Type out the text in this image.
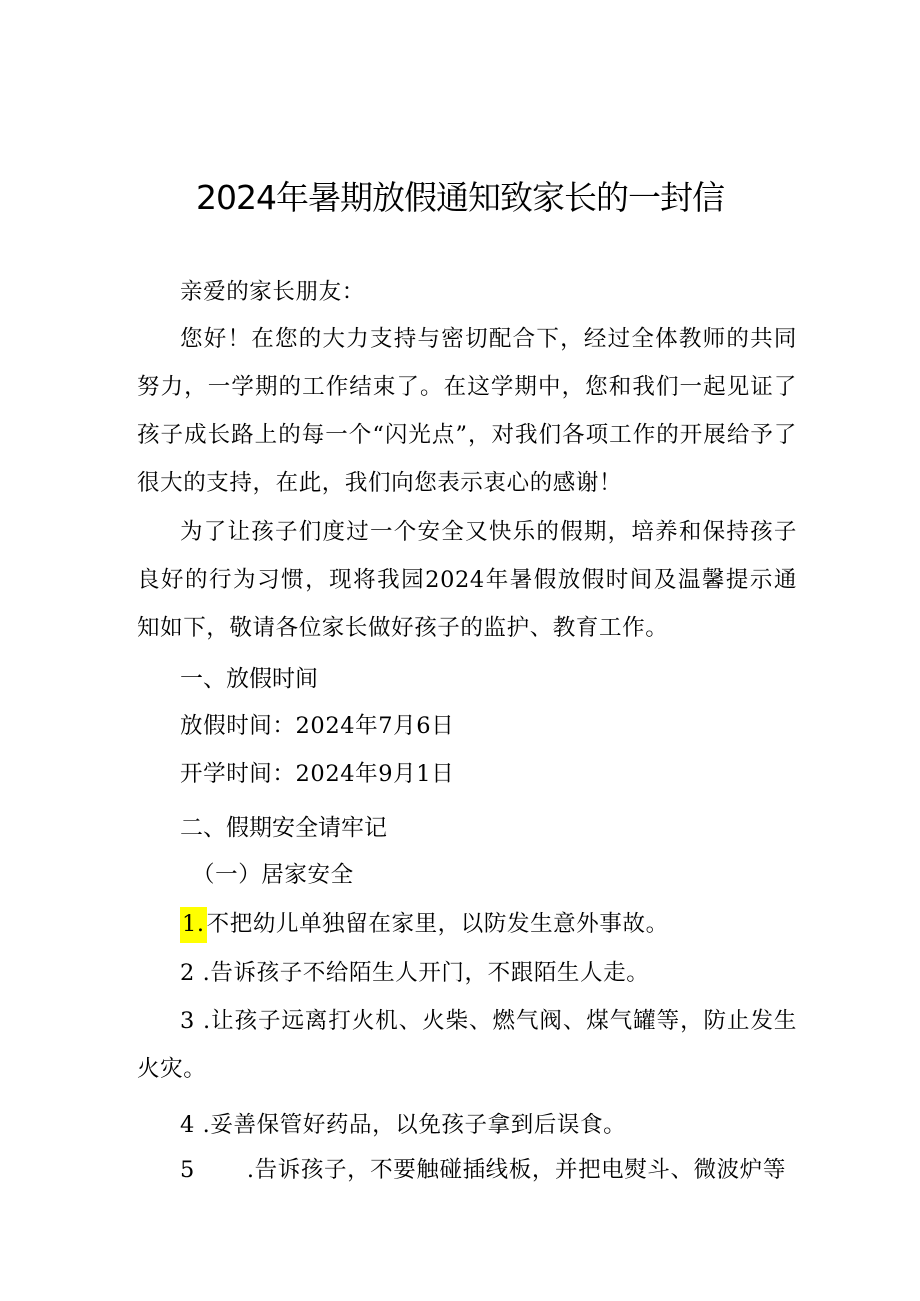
2024年暑期放假通知致家长的一封信
亲爱的家长朋友：
您好！在您的大力支持与密切配合下，经过全体教师的共同努力，一学期的工作结束了。在这学期中，您和我们一起见证了孩子成长路上的每一个“闪光点”，对我们各项工作的开展给予了很大的支持，在此，我们向您表示衷心的感谢！
为了让孩子们度过一个安全又快乐的假期，培养和保持孩子良好的行为习惯，现将我园2024年暑假放假时间及温馨提示通知如下，敬请各位家长做好孩子的监护、教育工作。
一、放假时间
放假时间：2024年7月6日
开学时间：2024年9月1日
二、假期安全请牢记
（一）居家安全
1.不把幼儿单独留在家里，以防发生意外事故。
2 .告诉孩子不给陌生人开门，不跟陌生人走。
3 .让孩子远离打火机、火柴、燃气阀、煤气罐等，防止发生火灾。
4 .妥善保管好药品，以免孩子拿到后误食。
5 .告诉孩子，不要触碰插线板，并把电熨斗、微波炉等
